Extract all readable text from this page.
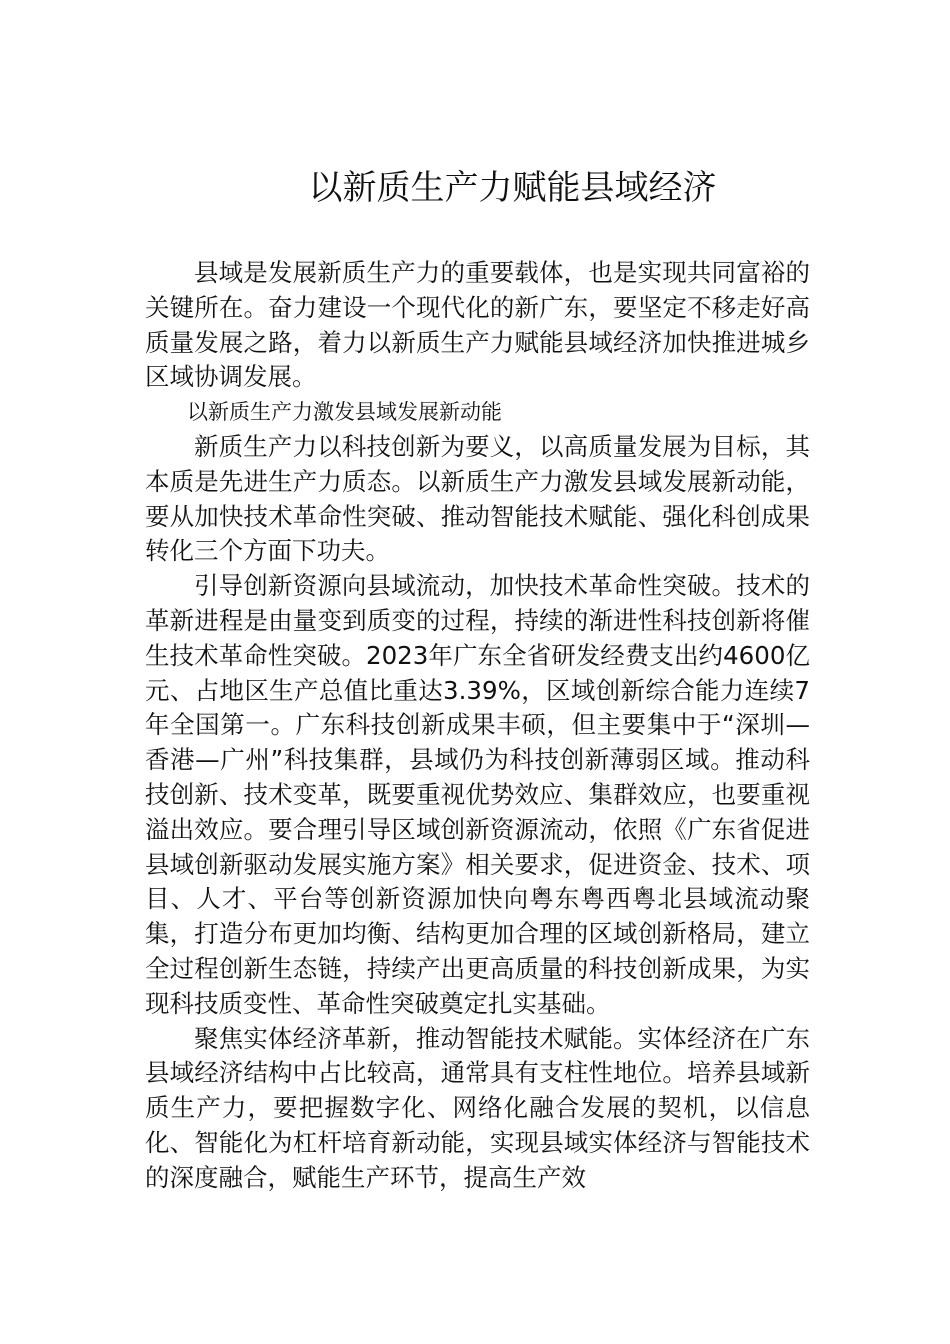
以新质生产力赋能县域经济

县域是发展新质生产力的重要载体，也是实现共同富裕的关键所在。奋力建设一个现代化的新广东，要坚定不移走好高质量发展之路，着力以新质生产力赋能县域经济加快推进城乡区域协调发展。

以新质生产力激发县域发展新动能

新质生产力以科技创新为要义，以高质量发展为目标，其本质是先进生产力质态。以新质生产力激发县域发展新动能，要从加快技术革命性突破、推动智能技术赋能、强化科创成果转化三个方面下功夫。

引导创新资源向县域流动，加快技术革命性突破。技术的革新进程是由量变到质变的过程，持续的渐进性科技创新将催生技术革命性突破。2023年广东全省研发经费支出约4600亿元、占地区生产总值比重达3.39%，区域创新综合能力连续7年全国第一。广东科技创新成果丰硕，但主要集中于“深圳—香港—广州”科技集群，县域仍为科技创新薄弱区域。推动科技创新、技术变革，既要重视优势效应、集群效应，也要重视溢出效应。要合理引导区域创新资源流动，依照《广东省促进县域创新驱动发展实施方案》相关要求，促进资金、技术、项目、人才、平台等创新资源加快向粤东粤西粤北县域流动聚集，打造分布更加均衡、结构更加合理的区域创新格局，建立全过程创新生态链，持续产出更高质量的科技创新成果，为实现科技质变性、革命性突破奠定扎实基础。

聚焦实体经济革新，推动智能技术赋能。实体经济在广东县域经济结构中占比较高，通常具有支柱性地位。培养县域新质生产力，要把握数字化、网络化融合发展的契机，以信息化、智能化为杠杆培育新动能，实现县域实体经济与智能技术的深度融合，赋能生产环节，提高生产效
